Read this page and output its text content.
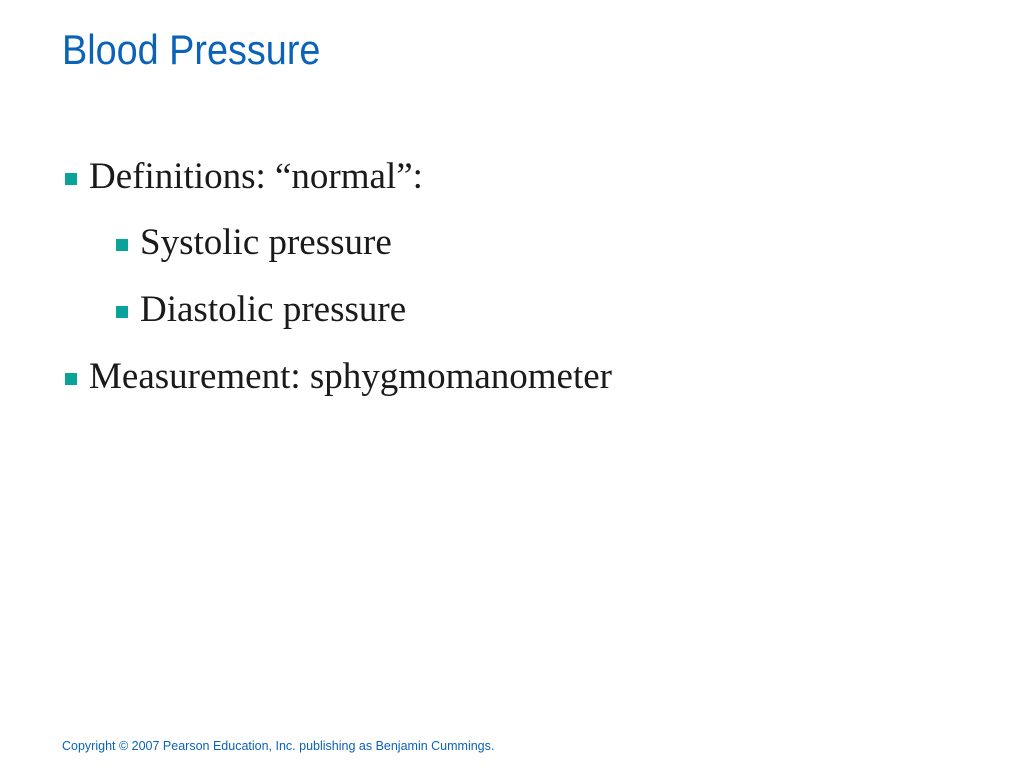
Blood Pressure
Definitions: “normal”:
Systolic pressure
Diastolic pressure
Measurement: sphygmomanometer
Copyright © 2007 Pearson Education, Inc. publishing as Benjamin Cummings.
